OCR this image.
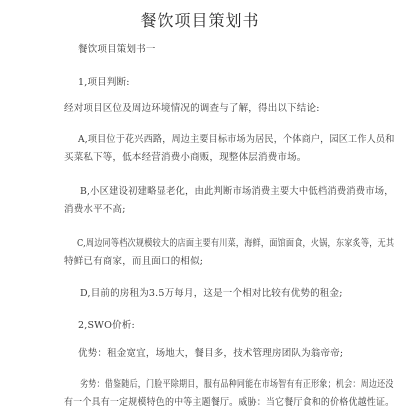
餐饮项目策划书
餐饮项目策划书一
1,项目判断:
经对项目区位及周边环境情况的调查与了解，得出以下结论:
A,项目位于花兴西路，周边主要目标市场为居民，个体商户，园区工作人员和
买菜私下等，低本经营消费小商贩，现整体层消费市场。
B,小区建设初建略显老化，由此判断市场消费主要大中低档消费消费市场，
消费水平不高;
C,周边同等档次规模较大的店面主要有川菜，海鲜，面馆面食，火锅，东家炙等，无其
特鲜已有商家，而且面口的相似;
D,目前的房租为3.5万每月，这是一个相对比较有优势的租金;
2,SWO价析:
优势：租金宽宜，场地大，餐目多，技术管理房团队为翁帝帝;
劣势：借鉴随后，门脸平除期目，服有品种同能在市场智有有正形象；机会：周边还没
有一个具有一定规模特色的中等主题餐厅。威胁：当它餐厅食和的价格优越性证。
